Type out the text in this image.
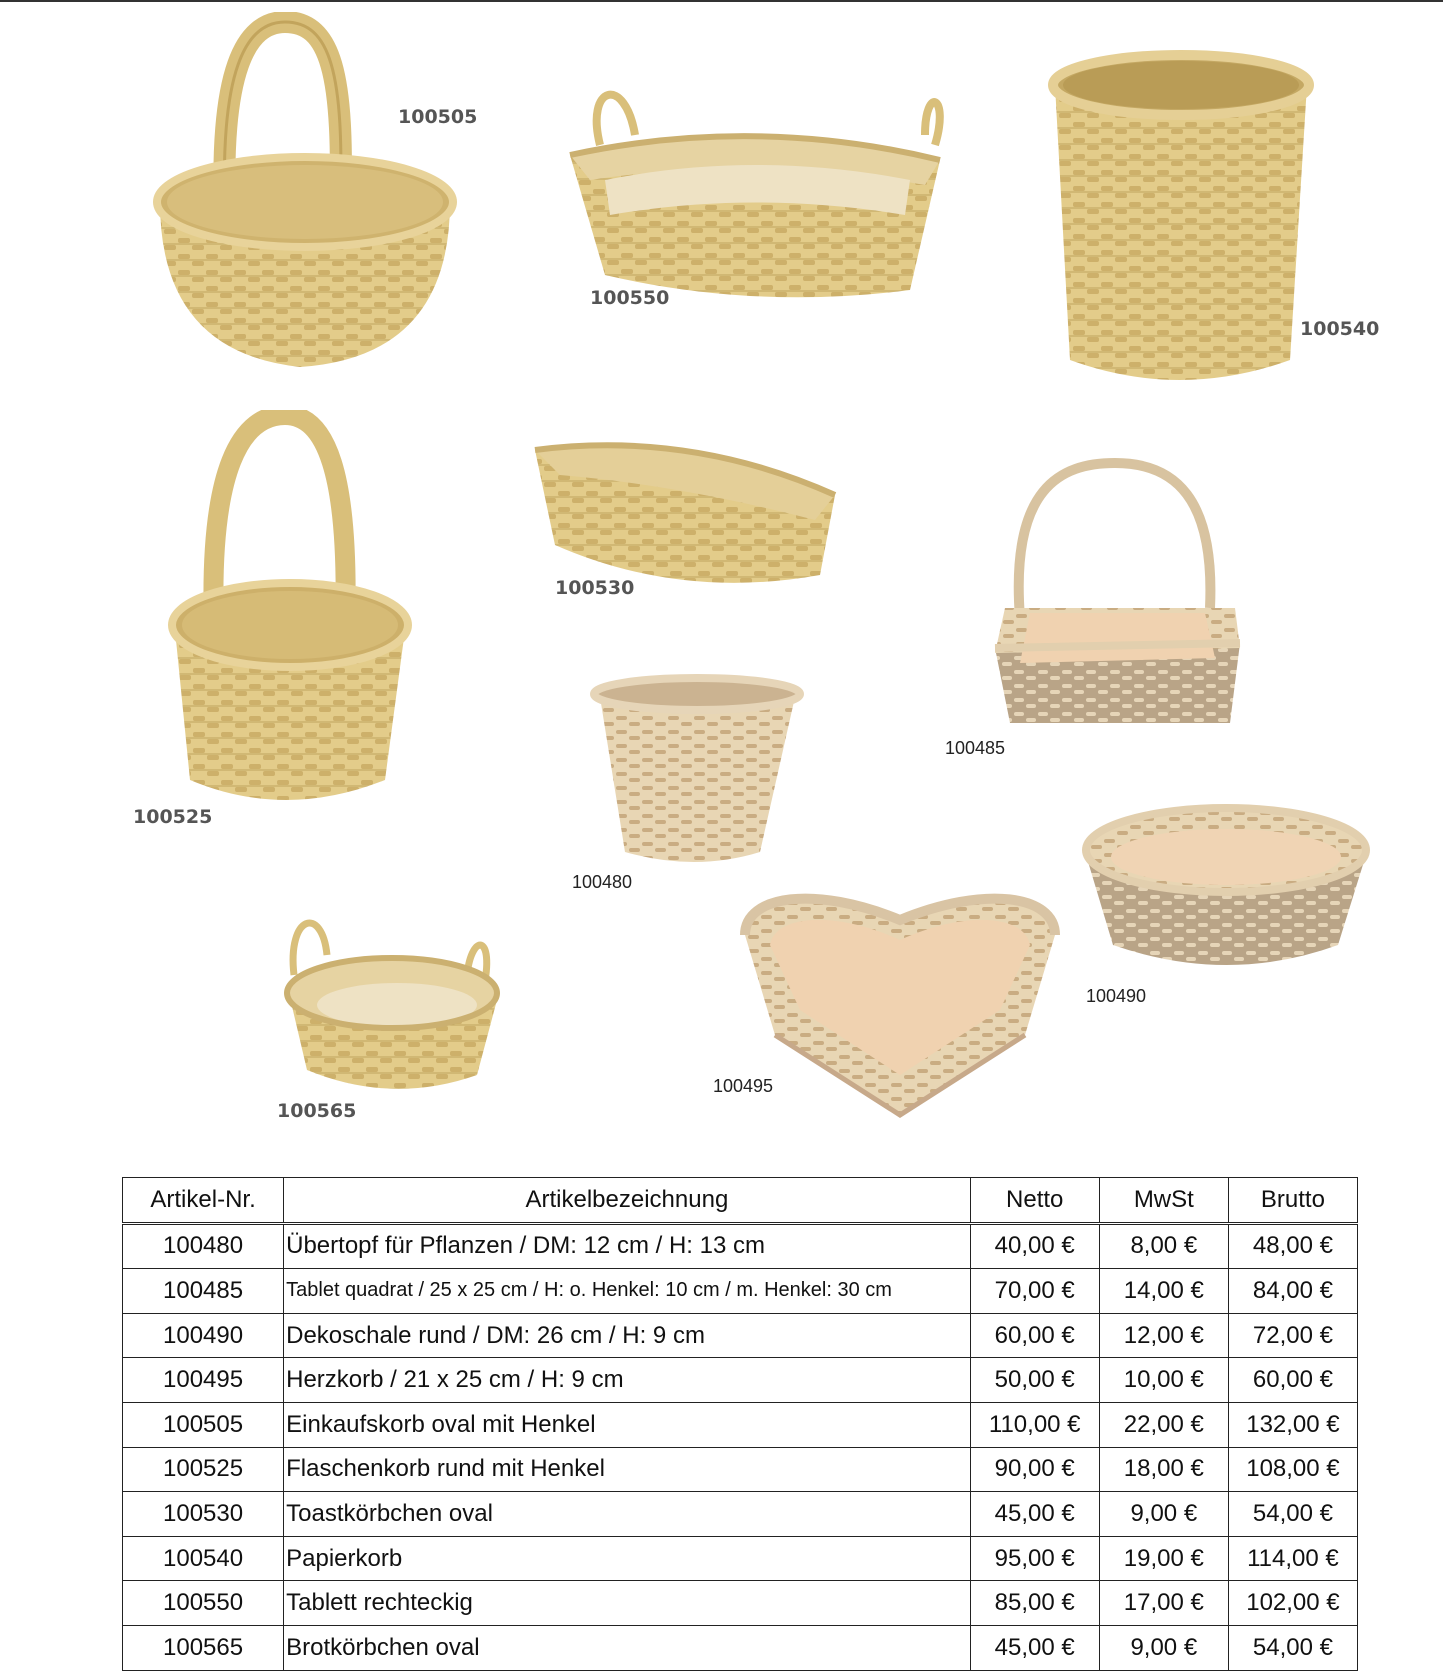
100505
100550
100540
100525
100530
100485
100480
100490
100565
100495
Artikel-Nr.	Artikelbezeichnung	Netto	MwSt	Brutto
100480	Übertopf für Pflanzen / DM: 12 cm / H: 13 cm	40,00 €	8,00 €	48,00 €
100485	Tablet quadrat / 25 x 25 cm / H: o. Henkel: 10 cm / m. Henkel: 30 cm	70,00 €	14,00 €	84,00 €
100490	Dekoschale rund / DM: 26 cm / H: 9 cm	60,00 €	12,00 €	72,00 €
100495	Herzkorb / 21 x 25 cm / H: 9 cm	50,00 €	10,00 €	60,00 €
100505	Einkaufskorb oval mit Henkel	110,00 €	22,00 €	132,00 €
100525	Flaschenkorb rund mit Henkel	90,00 €	18,00 €	108,00 €
100530	Toastkörbchen oval	45,00 €	9,00 €	54,00 €
100540	Papierkorb	95,00 €	19,00 €	114,00 €
100550	Tablett rechteckig	85,00 €	17,00 €	102,00 €
100565	Brotkörbchen oval	45,00 €	9,00 €	54,00 €
